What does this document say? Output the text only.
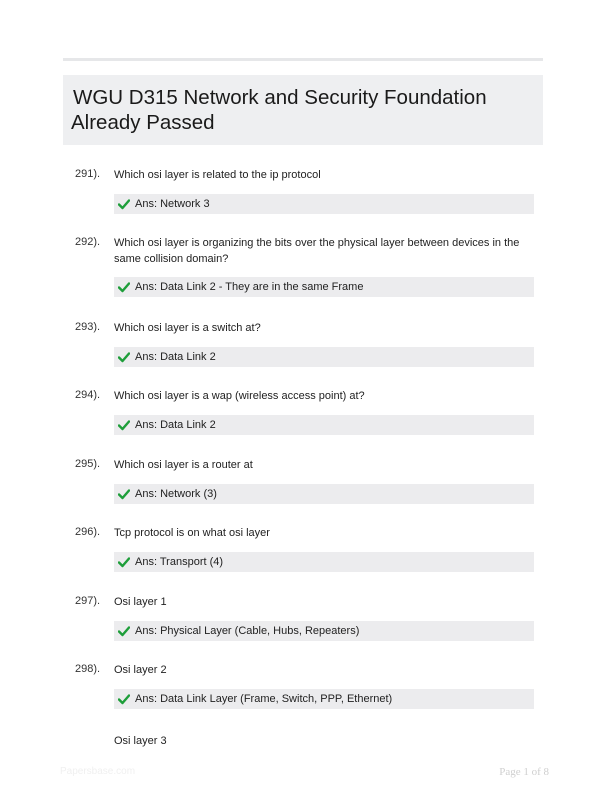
WGU D315 Network and Security Foundation
Already Passed
291). Which osi layer is related to the ip protocol
Ans: Network 3
292). Which osi layer is organizing the bits over the physical layer between devices in the same collision domain?
Ans: Data Link 2 - They are in the same Frame
293). Which osi layer is a switch at?
Ans: Data Link 2
294). Which osi layer is a wap (wireless access point) at?
Ans: Data Link 2
295). Which osi layer is a router at
Ans: Network (3)
296). Tcp protocol is on what osi layer
Ans: Transport (4)
297). Osi layer 1
Ans: Physical Layer (Cable, Hubs, Repeaters)
298). Osi layer 2
Ans: Data Link Layer (Frame, Switch, PPP, Ethernet)
Osi layer 3
Papersbase.com	Page 1 of 8
